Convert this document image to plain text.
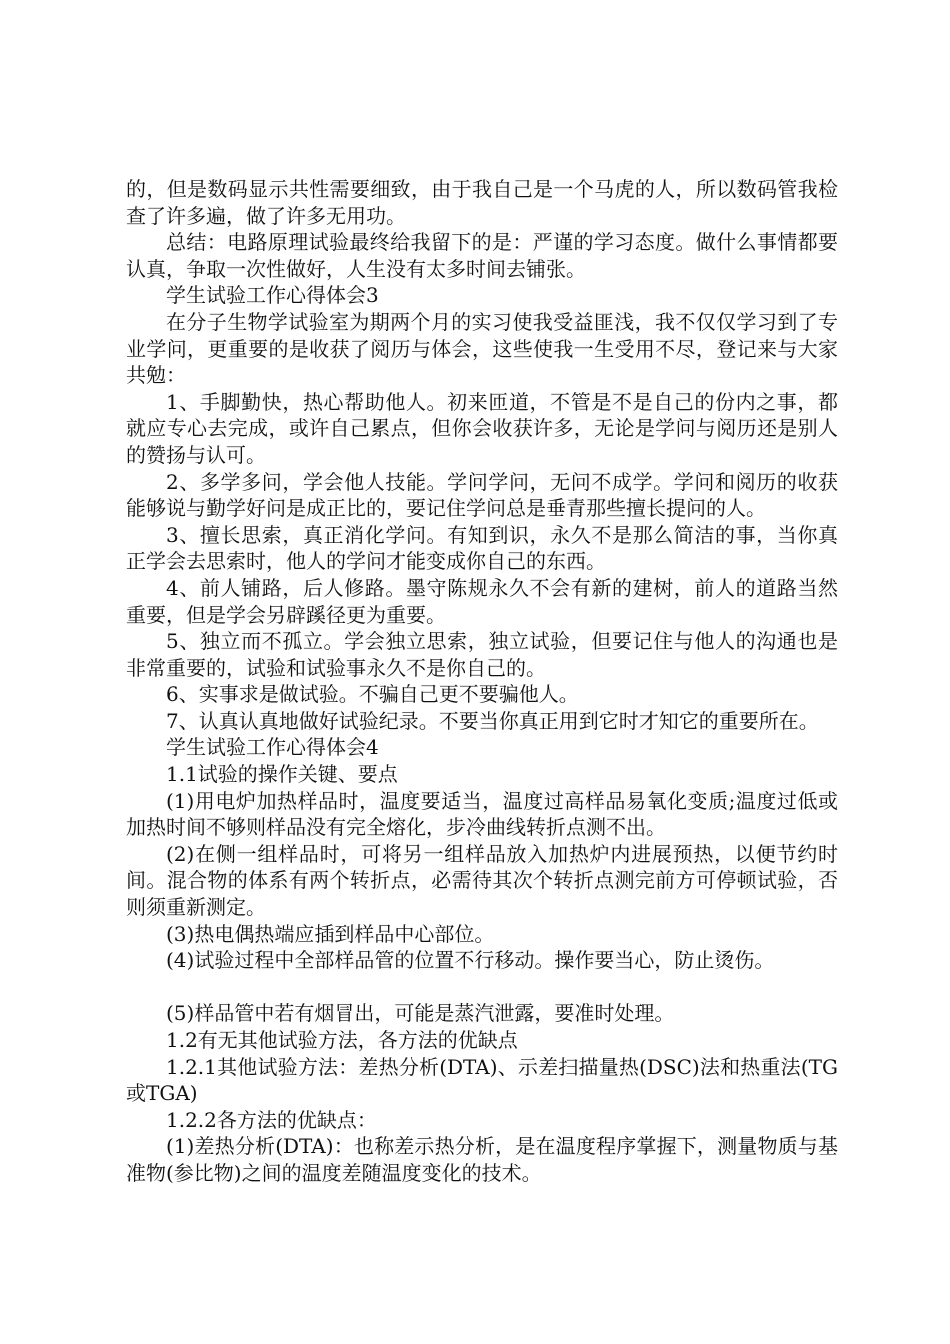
的，但是数码显示共性需要细致，由于我自己是一个马虎的人，所以数码管我检查了许多遍，做了许多无用功。

总结：电路原理试验最终给我留下的是：严谨的学习态度。做什么事情都要认真，争取一次性做好，人生没有太多时间去铺张。

学生试验工作心得体会3

在分子生物学试验室为期两个月的实习使我受益匪浅，我不仅仅学习到了专业学问，更重要的是收获了阅历与体会，这些使我一生受用不尽，登记来与大家共勉：

1、手脚勤快，热心帮助他人。初来匝道，不管是不是自己的份内之事，都就应专心去完成，或许自己累点，但你会收获许多，无论是学问与阅历还是别人的赞扬与认可。

2、多学多问，学会他人技能。学问学问，无问不成学。学问和阅历的收获能够说与勤学好问是成正比的，要记住学问总是垂青那些擅长提问的人。

3、擅长思索，真正消化学问。有知到识，永久不是那么简洁的事，当你真正学会去思索时，他人的学问才能变成你自己的东西。

4、前人铺路，后人修路。墨守陈规永久不会有新的建树，前人的道路当然重要，但是学会另辟蹊径更为重要。

5、独立而不孤立。学会独立思索，独立试验，但要记住与他人的沟通也是非常重要的，试验和试验事永久不是你自己的。

6、实事求是做试验。不骗自己更不要骗他人。

7、认真认真地做好试验纪录。不要当你真正用到它时才知它的重要所在。

学生试验工作心得体会4

1.1试验的操作关键、要点

(1)用电炉加热样品时，温度要适当，温度过高样品易氧化变质;温度过低或加热时间不够则样品没有完全熔化，步冷曲线转折点测不出。

(2)在侧一组样品时，可将另一组样品放入加热炉内进展预热，以便节约时间。混合物的体系有两个转折点，必需待其次个转折点测完前方可停顿试验，否则须重新测定。

(3)热电偶热端应插到样品中心部位。

(4)试验过程中全部样品管的位置不行移动。操作要当心，防止烫伤。

(5)样品管中若有烟冒出，可能是蒸汽泄露，要准时处理。

1.2有无其他试验方法，各方法的优缺点

1.2.1其他试验方法：差热分析(DTA)、示差扫描量热(DSC)法和热重法(TG或TGA)

1.2.2各方法的优缺点：

(1)差热分析(DTA)：也称差示热分析，是在温度程序掌握下，测量物质与基准物(参比物)之间的温度差随温度变化的技术。
